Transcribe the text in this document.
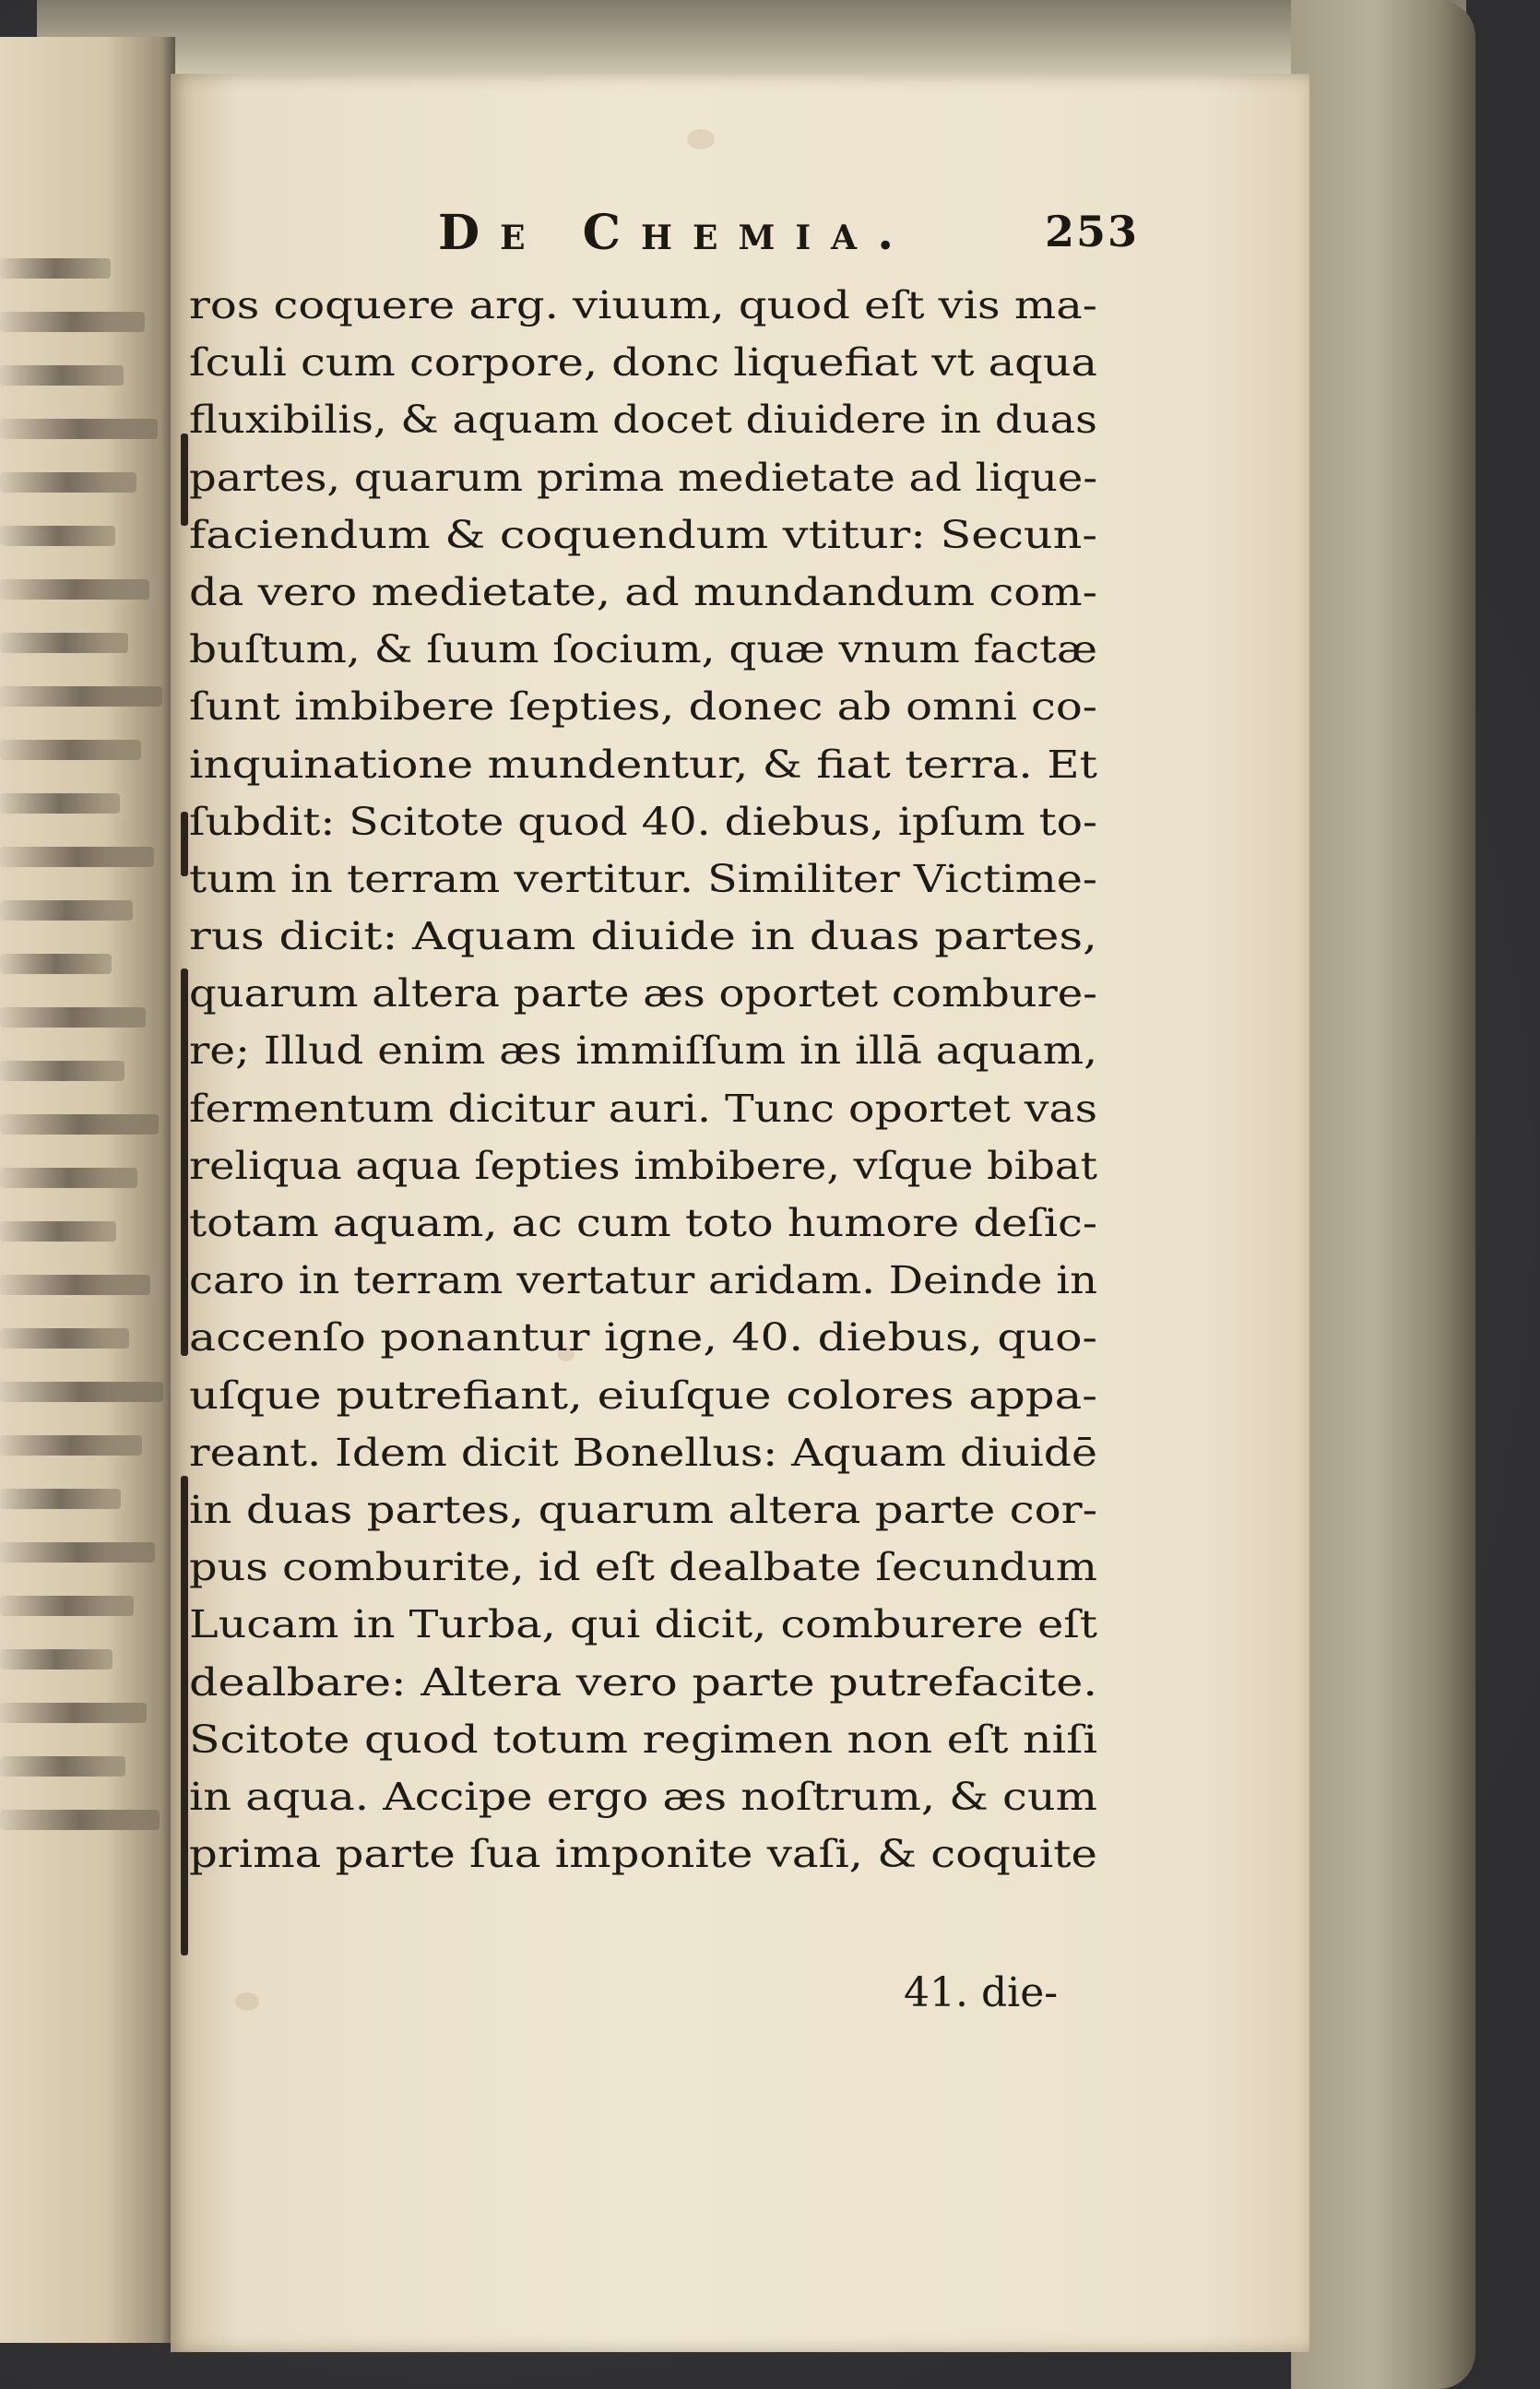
De Chemia.	253
ros coquere arg. viuum, quod eſt vis ma-
ſculi cum corpore, donc liquefiat vt aqua
fluxibilis, & aquam docet diuidere in duas
partes, quarum prima medietate ad lique-
faciendum & coquendum vtitur: Secun-
da vero medietate, ad mundandum com-
buſtum, & ſuum ſocium, quæ vnum factæ
ſunt imbibere ſepties, donec ab omni co-
inquinatione mundentur, & fiat terra. Et
ſubdit: Scitote quod 40. diebus, ipſum to-
tum in terram vertitur. Similiter Victime-
rus dicit: Aquam diuide in duas partes,
quarum altera parte æs oportet combure-
re; Illud enim æs immiſſum in illā aquam,
fermentum dicitur auri. Tunc oportet vas
reliqua aqua ſepties imbibere, vſque bibat
totam aquam, ac cum toto humore deſic-
caro in terram vertatur aridam. Deinde in
accenſo ponantur igne, 40. diebus, quo-
uſque putrefiant, eiuſque colores appa-
reant. Idem dicit Bonellus: Aquam diuidē
in duas partes, quarum altera parte cor-
pus comburite, id eſt dealbate ſecundum
Lucam in Turba, qui dicit, comburere eſt
dealbare: Altera vero parte putrefacite.
Scitote quod totum regimen non eſt niſi
in aqua. Accipe ergo æs noſtrum, & cum
prima parte ſua imponite vaſi, & coquite
41. die-
